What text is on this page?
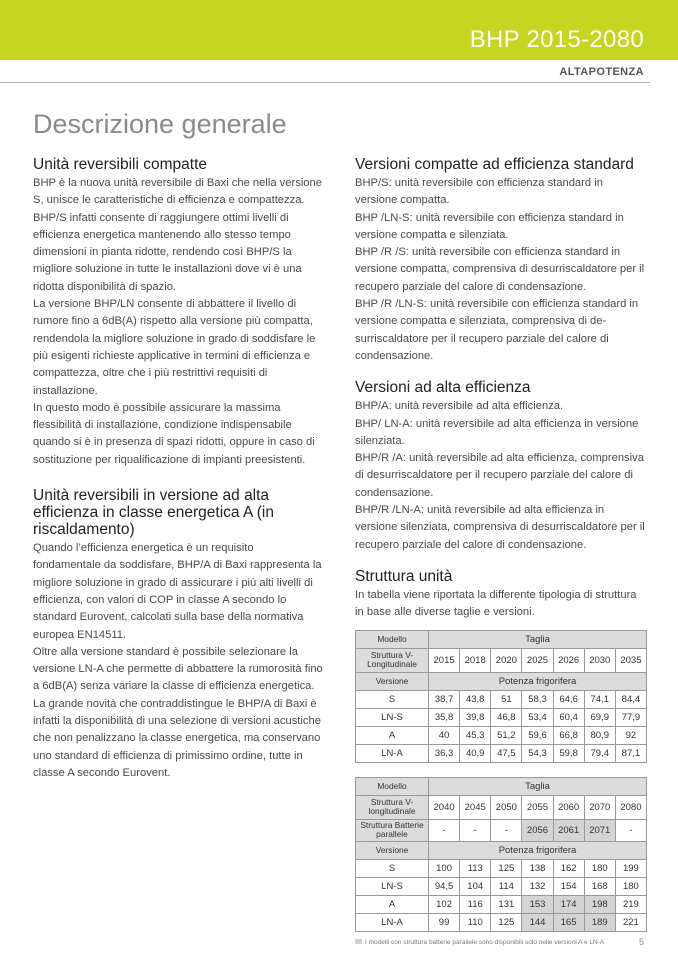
BHP 2015-2080
ALTAPOTENZA
Descrizione generale
Unità reversibili compatte

BHP è la nuova unità reversibile di Baxi che nella versione S, unisce le caratteristiche di efficienza e compattezza.

BHP/S infatti consente di raggiungere ottimi livelli di efficienza energetica mantenendo allo stesso tempo dimensioni in pianta ridotte, rendendo così BHP/S la migliore soluzione in tutte le installazioni dove vi è una ridotta disponibilità di spazio.

La versione BHP/LN consente di abbattere il livello di rumore fino a 6dB(A) rispetto alla versione più compatta, rendendola la migliore soluzione in grado di soddisfare le più esigenti richieste applicative in termini di efficienza e compattezza, oltre che i più restrittivi requisiti di installazione.

In questo modo è possibile assicurare la massima flessibilità di installazione, condizione indispensabile quando si è in presenza di spazi ridotti, oppure in caso di sostituzione per riqualificazione di impianti preesistenti.

Unità reversibili in versione ad alta efficienza in classe energetica A (in riscaldamento)

Quando l’efficienza energetica è un requisito fondamentale da soddisfare, BHP/A di Baxi rappresenta la migliore soluzione in grado di assicurare i più alti livelli di efficienza, con valori di COP in classe A secondo lo standard Eurovent, calcolati sulla base della normativa europea EN14511.

Oltre alla versione standard è possibile selezionare la versione LN-A che permette di abbattere la rumorosità fino a 6dB(A) senza variare la classe di efficienza energetica.

La grande novità che contraddistingue le BHP/A di Baxi è infatti la disponibilità di una selezione di versioni acustiche che non penalizzano la classe energetica, ma conservano uno standard di efficienza di primissimo ordine, tutte in classe A secondo Eurovent.

Versioni compatte ad efficienza standard

BHP/S: unità reversibile con efficienza standard in versione compatta.

BHP /LN-S: unità reversibile con efficienza standard in versione compatta e silenziata.

BHP /R /S: unità reversibile con efficienza standard in versione compatta, comprensiva di desurriscaldatore per il recupero parziale del calore di condensazione.

BHP /R /LN-S: unità reversibile con efficienza standard in versione compatta e silenziata, comprensiva di de-surriscaldatore per il recupero parziale del calore di condensazione.

Versioni ad alta efficienza

BHP/A: unità reversibile ad alta efficienza.

BHP/ LN-A: unità reversibile ad alta efficienza in versione silenziata.

BHP/R /A: unità reversibile ad alta efficienza, comprensiva di desurriscaldatore per il recupero parziale del calore di condensazione.

BHP/R /LN-A: unità reversibile ad alta efficienza in versione silenziata, comprensiva di desurriscaldatore per il recupero parziale del calore di condensazione.

Struttura unità

In tabella viene riportata la differente tipologia di struttura in base alle diverse taglie e versioni.

Modello	Taglia						
Struttura V-Longitudinale	2015	2018	2020	2025	2026	2030	2035
Versione	Potenza frigorifera						
S	38,7	43,8	51	58,3	64,6	74,1	84,4
LN-S	35,8	39,8	46,8	53,4	60,4	69,9	77,9
A	40	45,3	51,2	59,6	66,8	80,9	92
LN-A	36,3	40,9	47,5	54,3	59,8	79,4	87,1
Modello	Taglia						
Struttura V-longitudinale	2040	2045	2050	2055	2060	2070	2080
Struttura Batterie parallele	-	-	-	2056	2061	2071	-
Versione	Potenza frigorifera						
S	100	113	125	138	162	180	199
LN-S	94,5	104	114	132	154	168	180
A	102	116	131	153	174	198	219
LN-A	99	110	125	144	165	189	221
I modelli con struttura batterie parallele sono disponibili solo nelle versioni A e LN-A	5
